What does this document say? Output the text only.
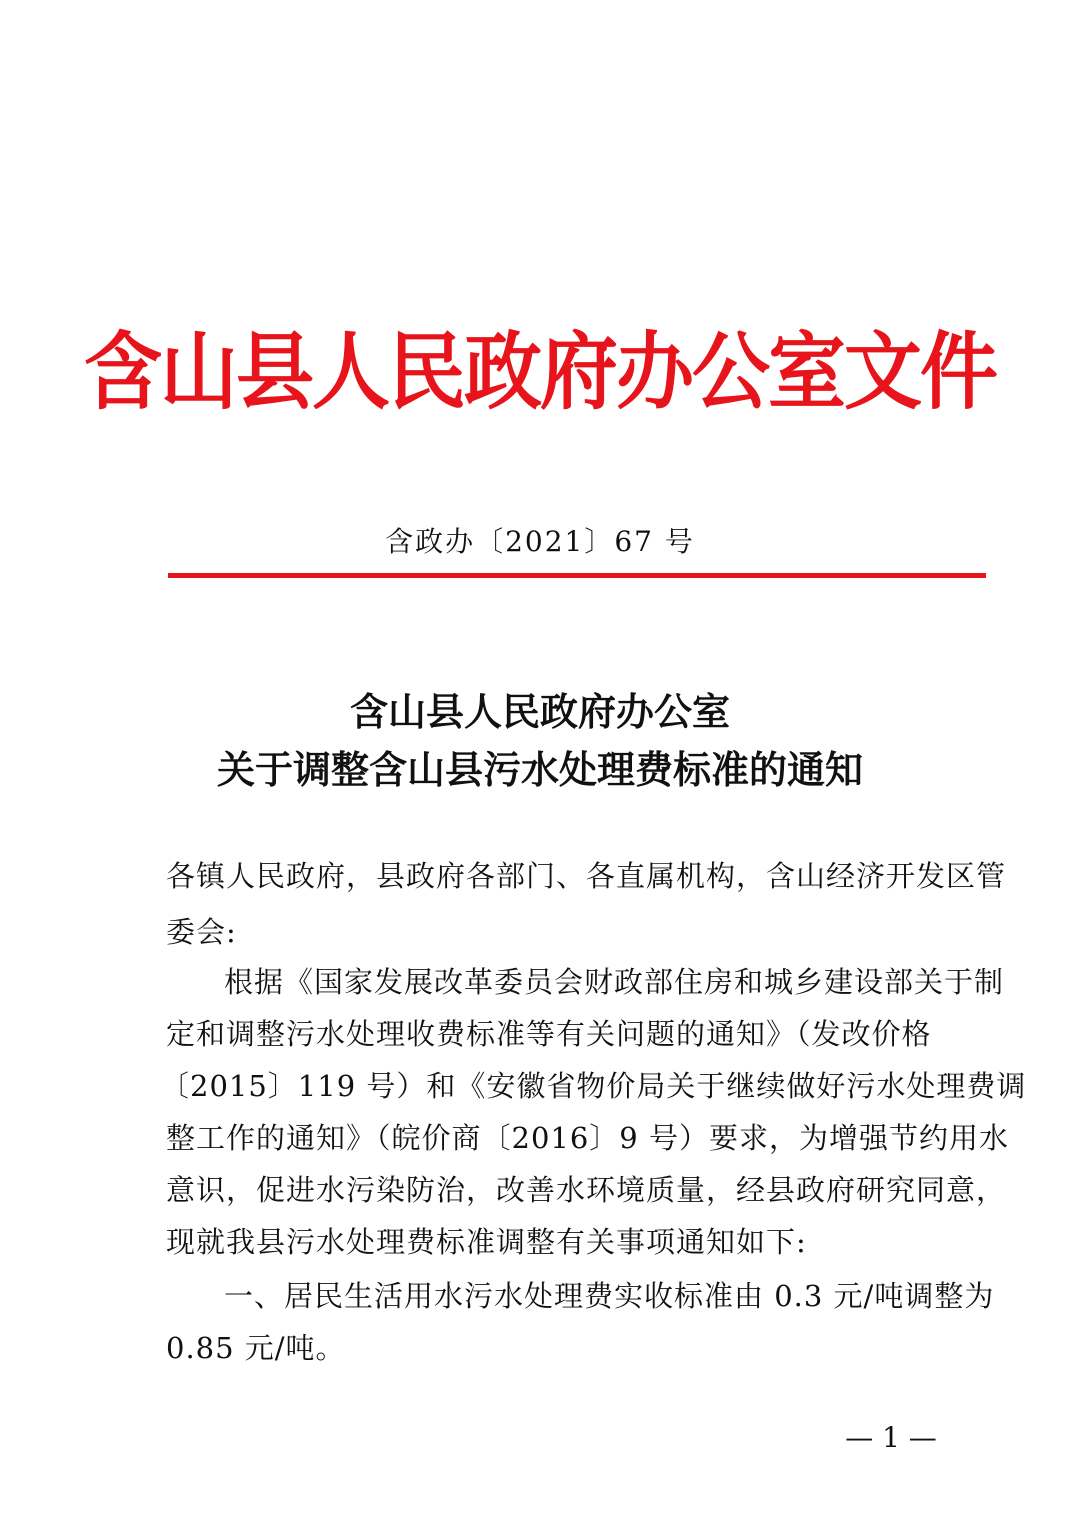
含山县人民政府办公室文件
含政办〔2021〕67 号
含山县人民政府办公室
关于调整含山县污水处理费标准的通知
各镇人民政府，县政府各部门、各直属机构，含山经济开发区管
委会:
根据《国家发展改革委员会财政部住房和城乡建设部关于制
定和调整污水处理收费标准等有关问题的通知》（发改价格
〔2015〕119 号）和《安徽省物价局关于继续做好污水处理费调
整工作的通知》（皖价商〔2016〕9 号）要求，为增强节约用水
意识，促进水污染防治，改善水环境质量，经县政府研究同意，
现就我县污水处理费标准调整有关事项通知如下:
一、居民生活用水污水处理费实收标准由 0.3 元/吨调整为
0.85 元/吨。
— 1 —
